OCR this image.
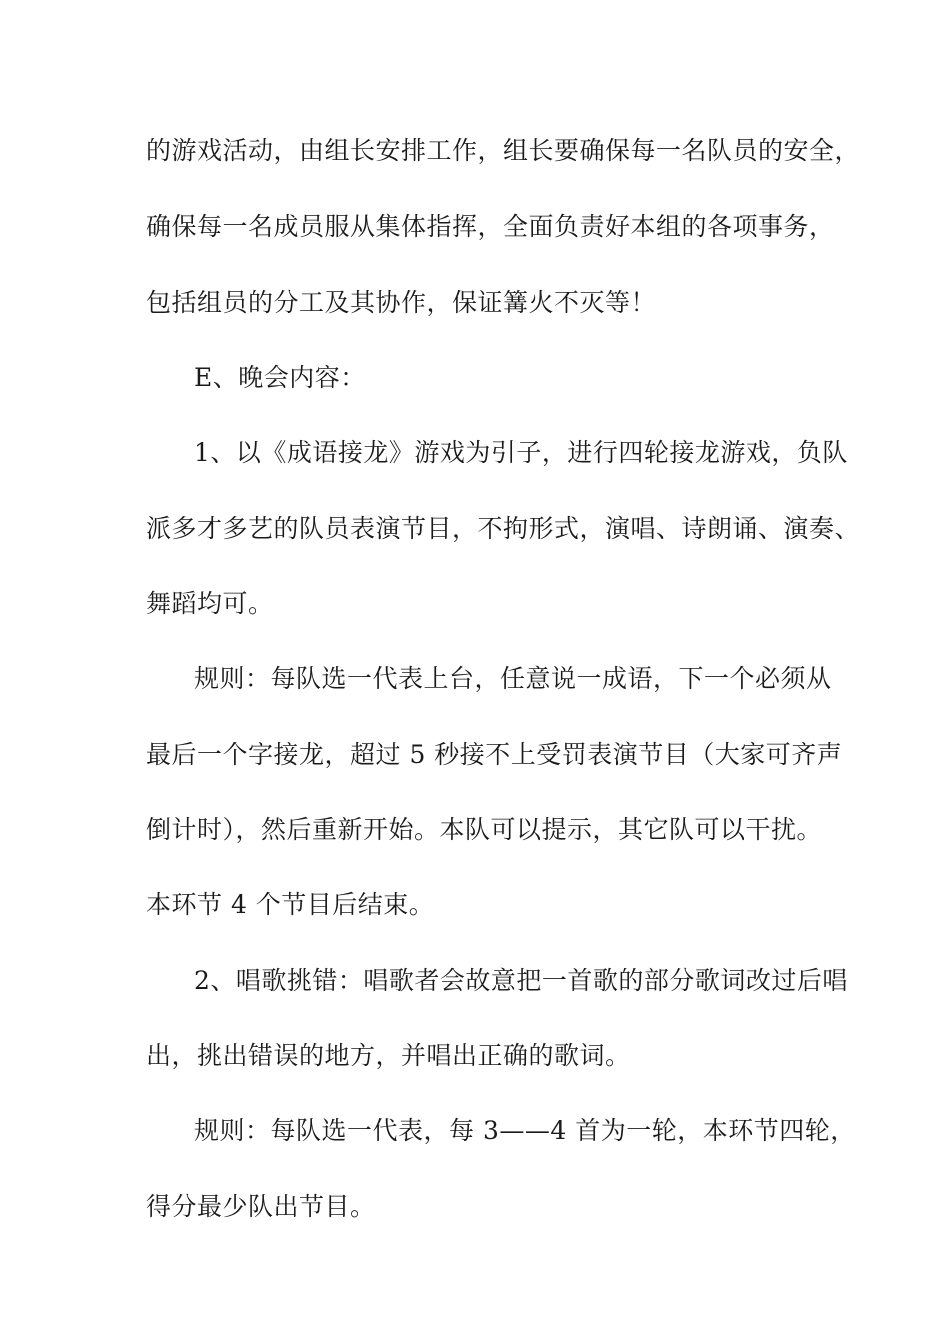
的游戏活动，由组长安排工作，组长要确保每一名队员的安全，
确保每一名成员服从集体指挥，全面负责好本组的各项事务，
包括组员的分工及其协作，保证篝火不灭等！
E、晚会内容：
1、以《成语接龙》游戏为引子，进行四轮接龙游戏，负队
派多才多艺的队员表演节目，不拘形式，演唱、诗朗诵、演奏、
舞蹈均可。
规则：每队选一代表上台，任意说一成语，下一个必须从
最后一个字接龙，超过 5 秒接不上受罚表演节目（大家可齐声
倒计时），然后重新开始。本队可以提示，其它队可以干扰。
本环节 4 个节目后结束。
2、唱歌挑错：唱歌者会故意把一首歌的部分歌词改过后唱
出，挑出错误的地方，并唱出正确的歌词。
规则：每队选一代表，每 3——4 首为一轮，本环节四轮，
得分最少队出节目。
